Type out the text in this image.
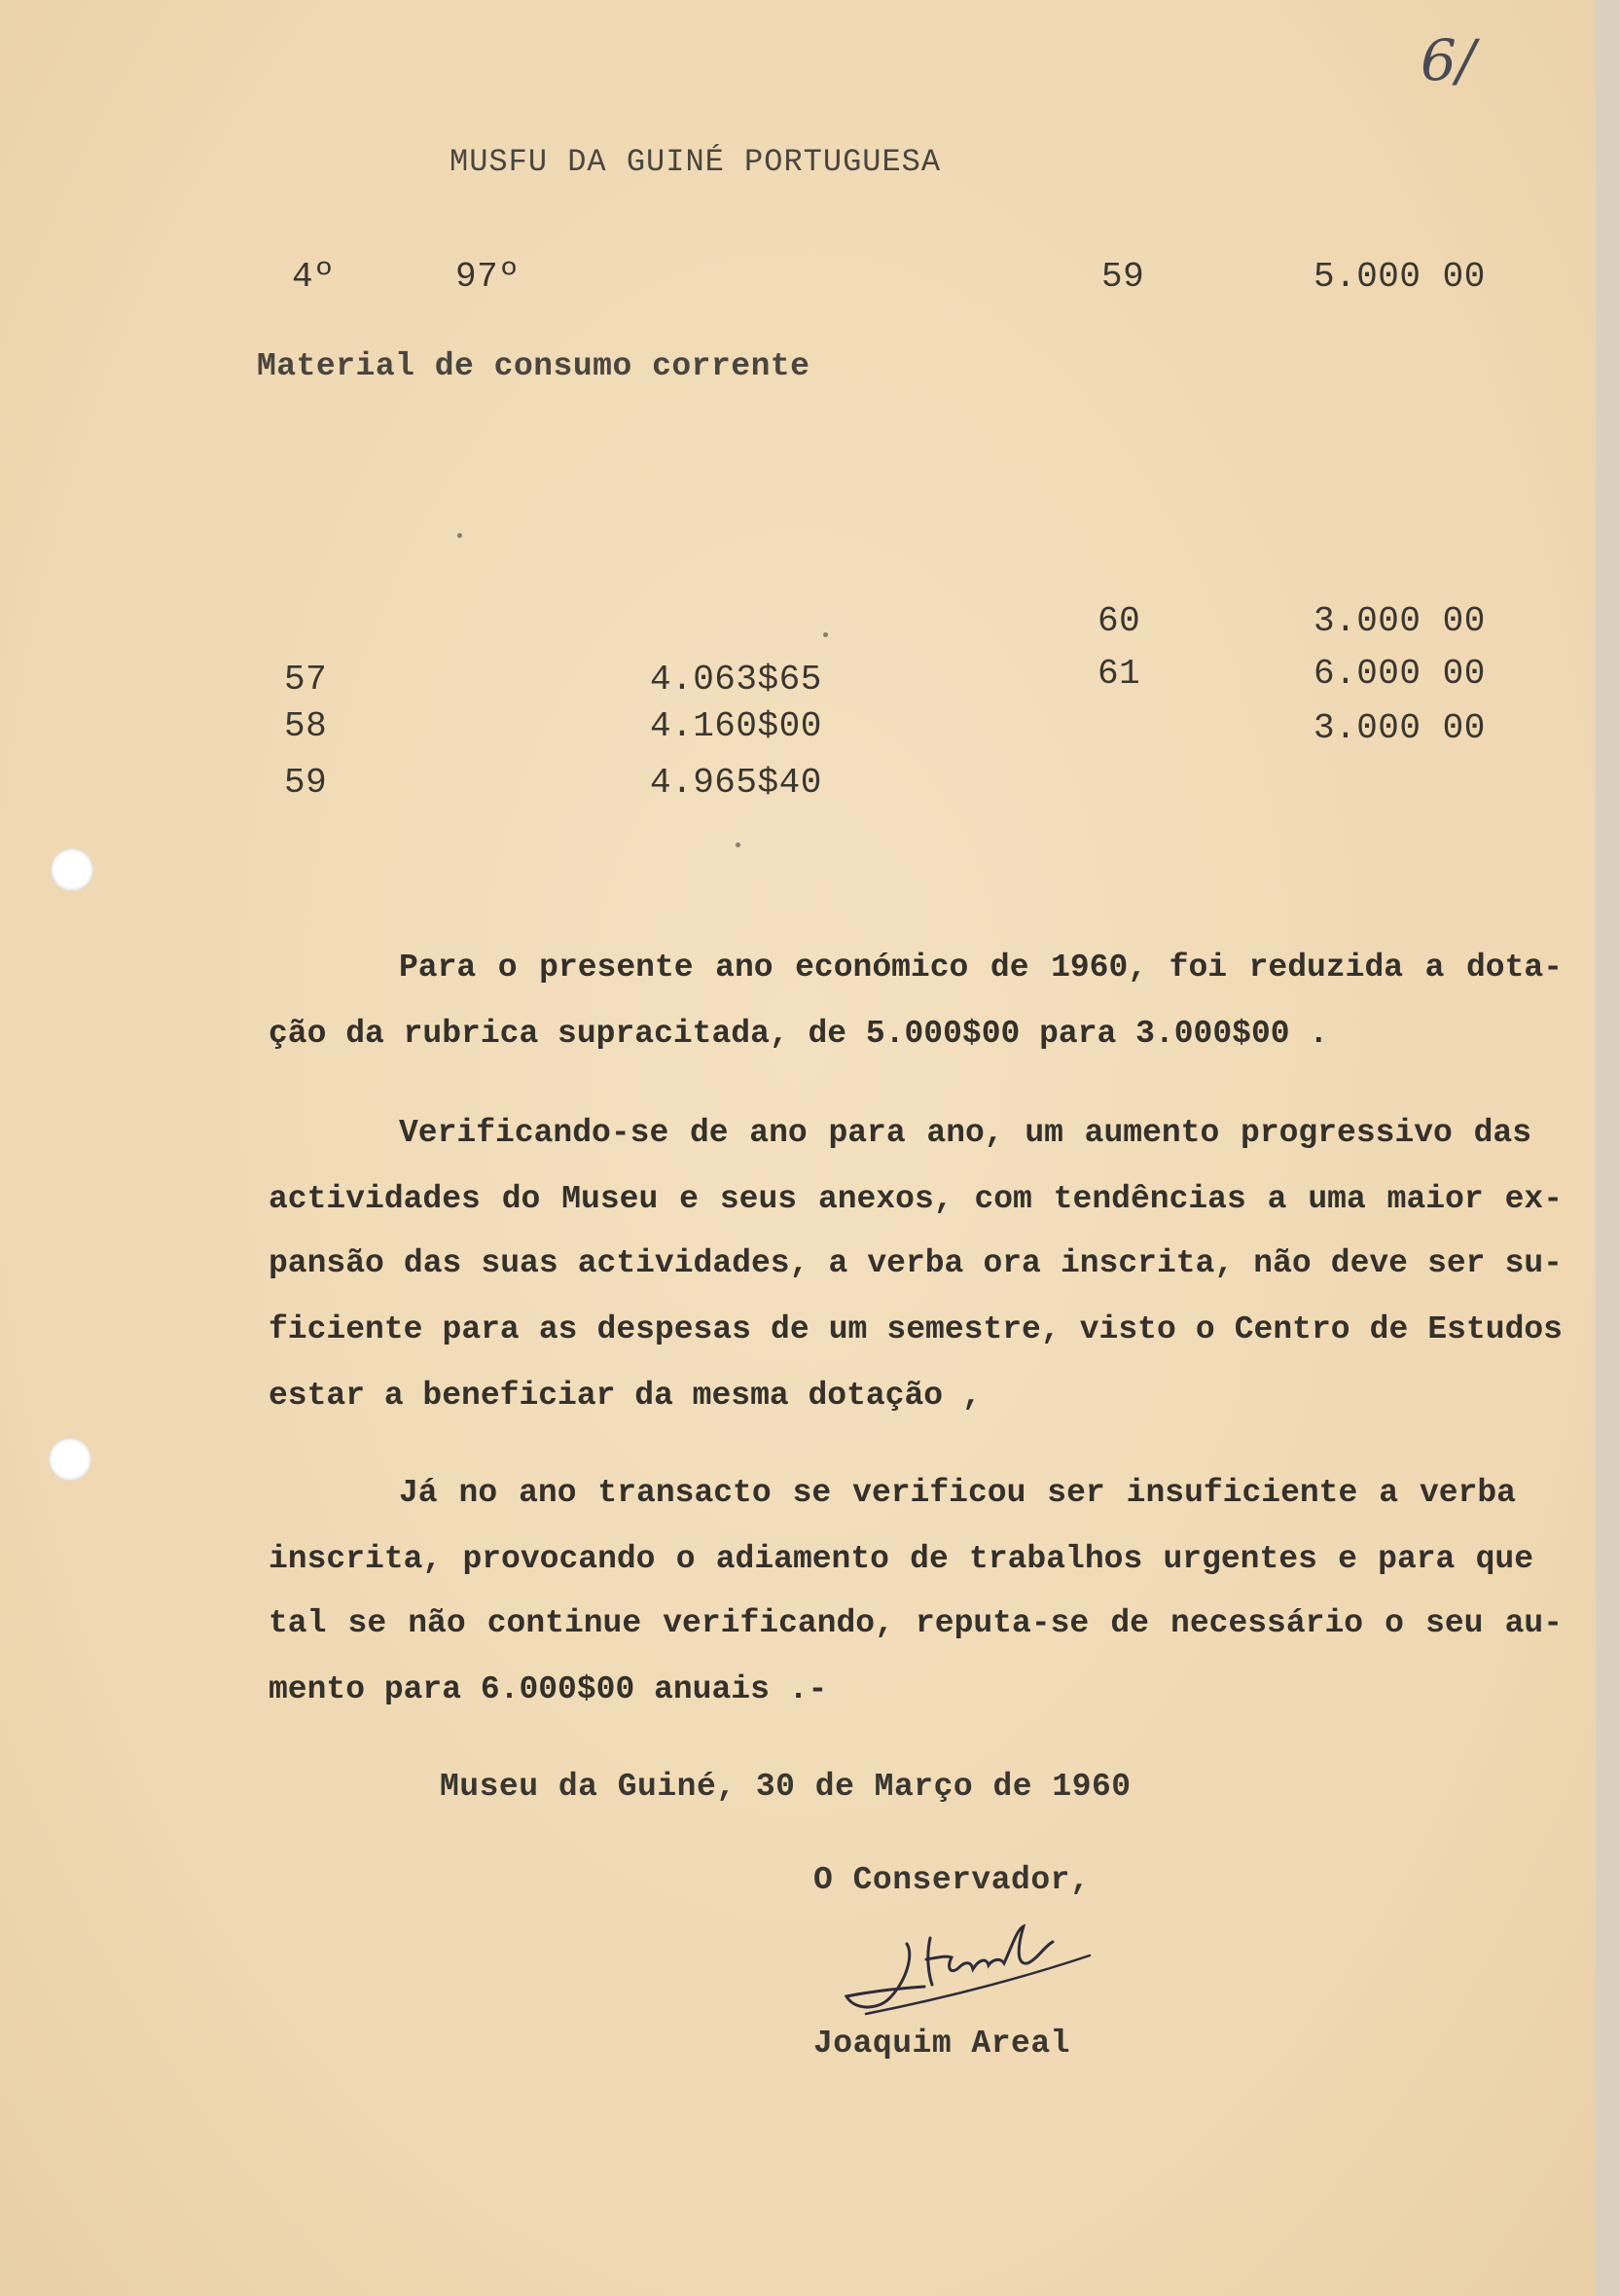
6/
MUSFU DA GUINÉ PORTUGUESA
4º	97º	59	5.000 00
Material de consumo corrente
57	4.063$65
58	4.160$00
59	4.965$40
60	3.000 00
61	6.000 00
3.000 00
Para o presente ano económico de 1960, foi reduzida a dota-
ção da rubrica supracitada, de 5.000$00 para 3.000$00 .
Verificando-se de ano para ano, um aumento progressivo das
actividades do Museu e seus anexos, com tendências a uma maior ex-
pansão das suas actividades, a verba ora inscrita, não deve ser su-
ficiente para as despesas de um semestre, visto o Centro de Estudos
estar a beneficiar da mesma dotação ,
Já no ano transacto se verificou ser insuficiente a verba
inscrita, provocando o adiamento de trabalhos urgentes e para que
tal se não continue verificando, reputa-se de necessário o seu au-
mento para 6.000$00 anuais .-
Museu da Guiné, 30 de Março de 1960
O Conservador,
Joaquim Areal
